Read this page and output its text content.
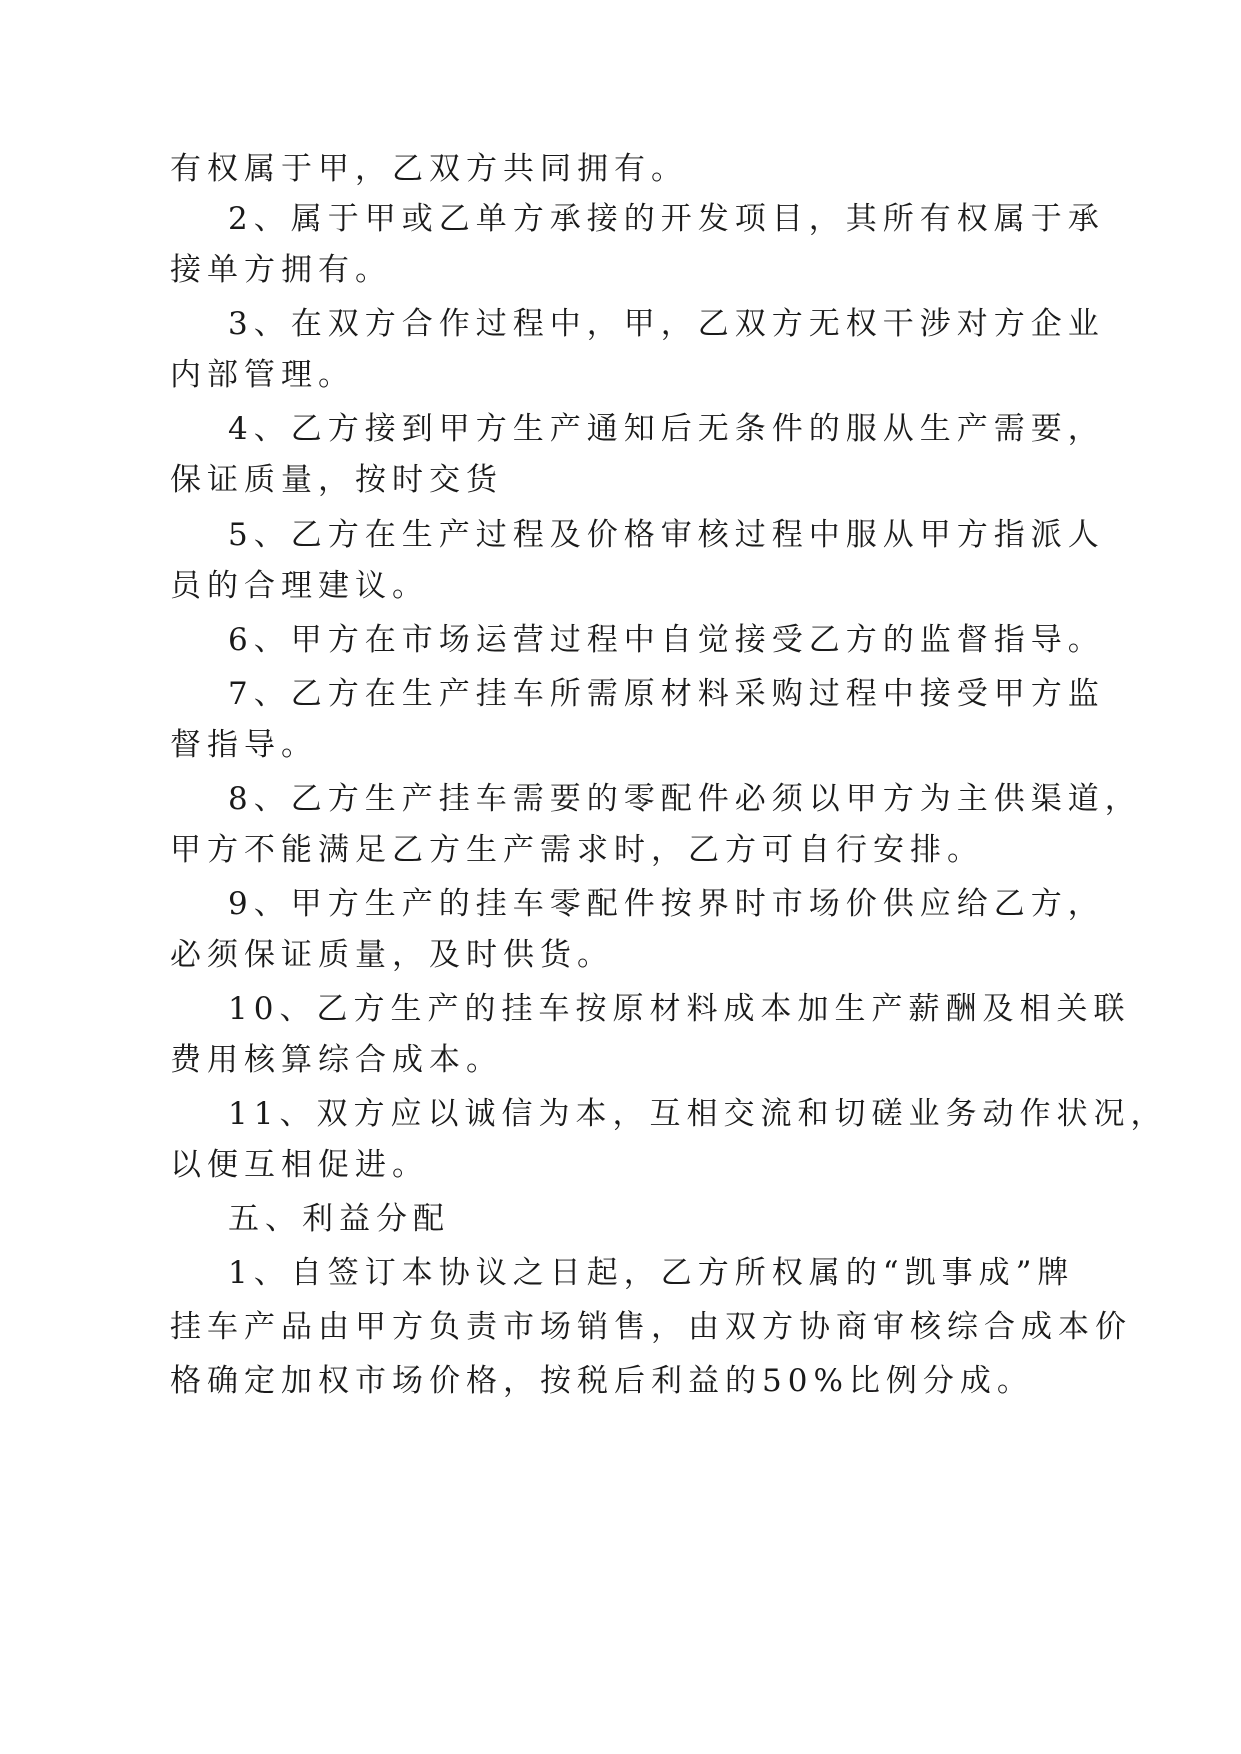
有权属于甲，乙双方共同拥有。
2、属于甲或乙单方承接的开发项目，其所有权属于承
接单方拥有。
3、在双方合作过程中，甲，乙双方无权干涉对方企业
内部管理。
4、乙方接到甲方生产通知后无条件的服从生产需要，
保证质量，按时交货
5、乙方在生产过程及价格审核过程中服从甲方指派人
员的合理建议。
6、甲方在市场运营过程中自觉接受乙方的监督指导。
7、乙方在生产挂车所需原材料采购过程中接受甲方监
督指导。
8、乙方生产挂车需要的零配件必须以甲方为主供渠道，
甲方不能满足乙方生产需求时，乙方可自行安排。
9、甲方生产的挂车零配件按界时市场价供应给乙方，
必须保证质量，及时供货。
10、乙方生产的挂车按原材料成本加生产薪酬及相关联
费用核算综合成本。
11、双方应以诚信为本，互相交流和切磋业务动作状况，
以便互相促进。
五、利益分配
1、自签订本协议之日起，乙方所权属的“凯事成”牌
挂车产品由甲方负责市场销售，由双方协商审核综合成本价
格确定加权市场价格，按税后利益的50%比例分成。
